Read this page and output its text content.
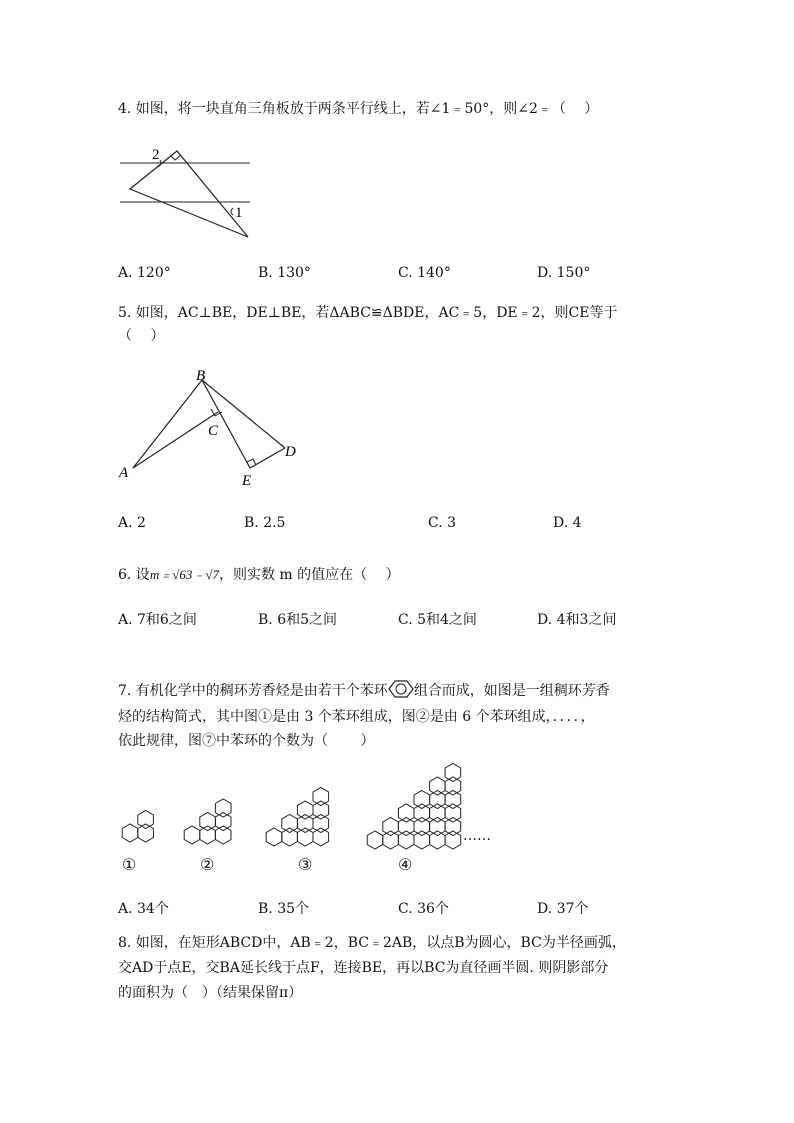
4. 如图，将一块直角三角板放于两条平行线上，若∠1﹦50°，则∠2﹦（　 ）
2
1
A. 120°	B. 130°	C. 140°	D. 150°
5. 如图，AC⊥BE，DE⊥BE，若ΔABC≌ΔBDE，AC﹦5，DE﹦2，则CE等于
（　 ）
B
C
D
A	E
A. 2	B. 2.5	C. 3	D. 4
6. 设m﹦√63﹣√7，则实数 m 的值应在（　 ）
A. 7和6之间	B. 6和5之间	C. 5和4之间	D. 4和3之间
7. 有机化学中的稠环芳香烃是由若干个苯环 组合而成，如图是一组稠环芳香
烃的结构简式，其中图①是由 3 个苯环组成，图②是由 6 个苯环组成，．．．．，
依此规律，图⑦中苯环的个数为（　　 ）
①	②	③	④
……
A. 34个	B. 35个	C. 36个	D. 37个
8. 如图，在矩形ABCD中，AB﹦2，BC﹦2AB，以点B为圆心，BC为半径画弧，
交AD于点E，交BA延长线于点F，连接BE，再以BC为直径画半圆. 则阴影部分
的面积为（　）（结果保留π）
